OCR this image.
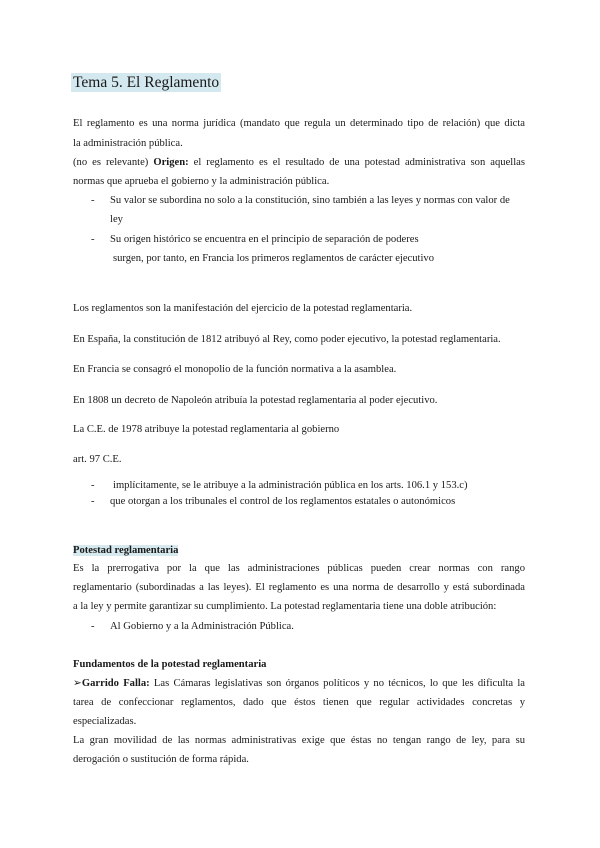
Tema 5. El Reglamento
El reglamento es una norma jurídica (mandato que regula un determinado tipo de relación) que dicta
la administración pública.
(no es relevante) Origen: el reglamento es el resultado de una potestad administrativa son aquellas
normas que aprueba el gobierno y la administración pública.
- Su valor se subordina no solo a la constitución, sino también a las leyes y normas con valor de
ley
- Su origen histórico se encuentra en el principio de separación de poderes
surgen, por tanto, en Francia los primeros reglamentos de carácter ejecutivo
Los reglamentos son la manifestación del ejercicio de la potestad reglamentaria.
En España, la constitución de 1812 atribuyó al Rey, como poder ejecutivo, la potestad reglamentaria.
En Francia se consagró el monopolio de la función normativa a la asamblea.
En 1808 un decreto de Napoleón atribuía la potestad reglamentaria al poder ejecutivo.
La C.E. de 1978 atribuye la potestad reglamentaria al gobierno
art. 97 C.E.
- implícitamente, se le atribuye a la administración pública en los arts. 106.1 y 153.c)
- que otorgan a los tribunales el control de los reglamentos estatales o autonómicos
Potestad reglamentaria
Es la prerrogativa por la que las administraciones públicas pueden crear normas con rango
reglamentario (subordinadas a las leyes). El reglamento es una norma de desarrollo y está subordinada
a la ley y permite garantizar su cumplimiento. La potestad reglamentaria tiene una doble atribución:
- Al Gobierno y a la Administración Pública.
Fundamentos de la potestad reglamentaria
➢Garrido Falla: Las Cámaras legislativas son órganos políticos y no técnicos, lo que les dificulta la
tarea de confeccionar reglamentos, dado que éstos tienen que regular actividades concretas y
especializadas.
La gran movilidad de las normas administrativas exige que éstas no tengan rango de ley, para su
derogación o sustitución de forma rápida.
